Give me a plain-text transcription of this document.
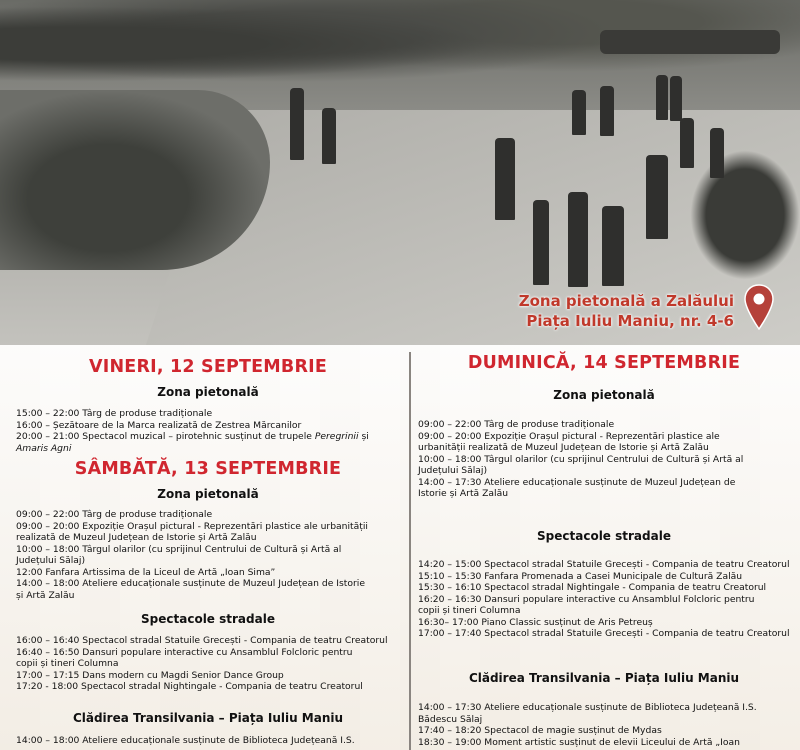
Zona pietonală a Zalăului
Piața Iuliu Maniu, nr. 4-6
VINERI, 12 SEPTEMBRIE
Zona pietonală
15:00 – 22:00 Târg de produse tradiționale
16:00 – Șezătoare de la Marca realizată de Zestrea Mărcanilor
20:00 – 21:00 Spectacol muzical – pirotehnic susținut de trupele Peregrinii și
Amaris Agni
SÂMBĂTĂ, 13 SEPTEMBRIE
Zona pietonală
09:00 – 22:00 Târg de produse tradiționale
09:00 – 20:00 Expoziție Orașul pictural - Reprezentări plastice ale urbanității
realizată de Muzeul Județean de Istorie și Artă Zalău
10:00 – 18:00 Târgul olarilor (cu sprijinul Centrului de Cultură și Artă al
Județului Sălaj)
12:00 Fanfara Artissima de la Liceul de Artă „Ioan Sima”
14:00 – 18:00 Ateliere educaționale susținute de Muzeul Județean de Istorie
și Artă Zalău
Spectacole stradale
16:00 – 16:40 Spectacol stradal Statuile Grecești - Compania de teatru Creatorul
16:40 – 16:50 Dansuri populare interactive cu Ansamblul Folcloric pentru
copii și tineri Columna
17:00 – 17:15 Dans modern cu Magdi Senior Dance Group
17:20 - 18:00 Spectacol stradal Nightingale - Compania de teatru Creatorul
Clădirea Transilvania – Piața Iuliu Maniu
14:00 – 18:00 Ateliere educaționale susținute de Biblioteca Județeană I.S.
DUMINICĂ, 14 SEPTEMBRIE
Zona pietonală
09:00 – 22:00 Târg de produse tradiționale
09:00 – 20:00 Expoziție Orașul pictural - Reprezentări plastice ale
urbanității realizată de Muzeul Județean de Istorie și Artă Zalău
10:00 – 18:00 Târgul olarilor (cu sprijinul Centrului de Cultură și Artă al
Județului Sălaj)
14:00 – 17:30 Ateliere educaționale susținute de Muzeul Județean de
Istorie și Artă Zalău
Spectacole stradale
14:20 – 15:00 Spectacol stradal Statuile Grecești - Compania de teatru Creatorul
15:10 – 15:30 Fanfara Promenada a Casei Municipale de Cultură Zalău
15:30 – 16:10 Spectacol stradal Nightingale - Compania de teatru Creatorul
16:20 – 16:30 Dansuri populare interactive cu Ansamblul Folcloric pentru
copii și tineri Columna
16:30– 17:00 Piano Classic susținut de Aris Petreuș
17:00 – 17:40 Spectacol stradal Statuile Grecești - Compania de teatru Creatorul
Clădirea Transilvania – Piața Iuliu Maniu
14:00 – 17:30 Ateliere educaționale susținute de Biblioteca Județeană I.S.
Bădescu Sălaj
17:40 – 18:20 Spectacol de magie susținut de Mydas
18:30 – 19:00 Moment artistic susținut de elevii Liceului de Artă „Ioan
